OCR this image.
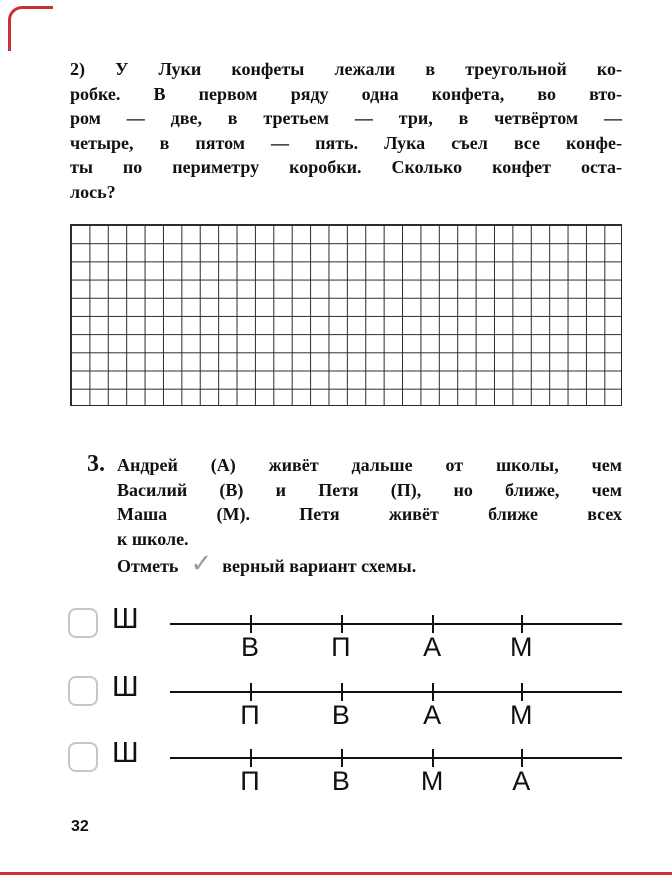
2) У Луки конфеты лежали в треугольной ко-
робке. В первом ряду одна конфета, во вто-
ром — две, в третьем — три, в четвёртом —
четыре, в пятом — пять. Лука съел все конфе-
ты по периметру коробки. Сколько конфет оста-
лось?
3. Андрей (А) живёт дальше от школы, чем
Василий (В) и Петя (П), но ближе, чем
Маша (М). Петя живёт ближе всех
к школе.
Отметь ✓ верный вариант схемы.
Ш
В	П	А	М
Ш
П	В	А	М
Ш
П	В	М	А
32
